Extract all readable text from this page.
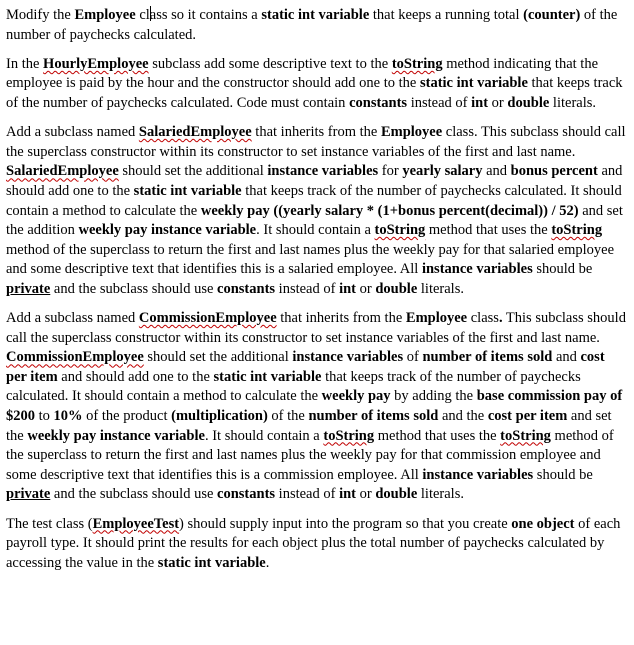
Modify the Employee class so it contains a static int variable that keeps a running total (counter) of the number of paychecks calculated.

In the HourlyEmployee subclass add some descriptive text to the toString method indicating that the employee is paid by the hour and the constructor should add one to the static int variable that keeps track of the number of paychecks calculated. Code must contain constants instead of int or double literals.

Add a subclass named SalariedEmployee that inherits from the Employee class. This subclass should call the superclass constructor within its constructor to set instance variables of the first and last name. SalariedEmployee should set the additional instance variables for yearly salary and bonus percent and should add one to the static int variable that keeps track of the number of paychecks calculated. It should contain a method to calculate the weekly pay ((yearly salary * (1+bonus percent(decimal)) / 52) and set the addition weekly pay instance variable. It should contain a toString method that uses the toString method of the superclass to return the first and last names plus the weekly pay for that salaried employee and some descriptive text that identifies this is a salaried employee. All instance variables should be private and the subclass should use constants instead of int or double literals.

Add a subclass named CommissionEmployee that inherits from the Employee class. This subclass should call the superclass constructor within its constructor to set instance variables of the first and last name. CommissionEmployee should set the additional instance variables of number of items sold and cost per item and should add one to the static int variable that keeps track of the number of paychecks calculated. It should contain a method to calculate the weekly pay by adding the base commission pay of $200 to 10% of the product (multiplication) of the number of items sold and the cost per item and set the weekly pay instance variable. It should contain a toString method that uses the toString method of the superclass to return the first and last names plus the weekly pay for that commission employee and some descriptive text that identifies this is a commission employee. All instance variables should be private and the subclass should use constants instead of int or double literals.

The test class (EmployeeTest) should supply input into the program so that you create one object of each payroll type. It should print the results for each object plus the total number of paychecks calculated by accessing the value in the static int variable.
